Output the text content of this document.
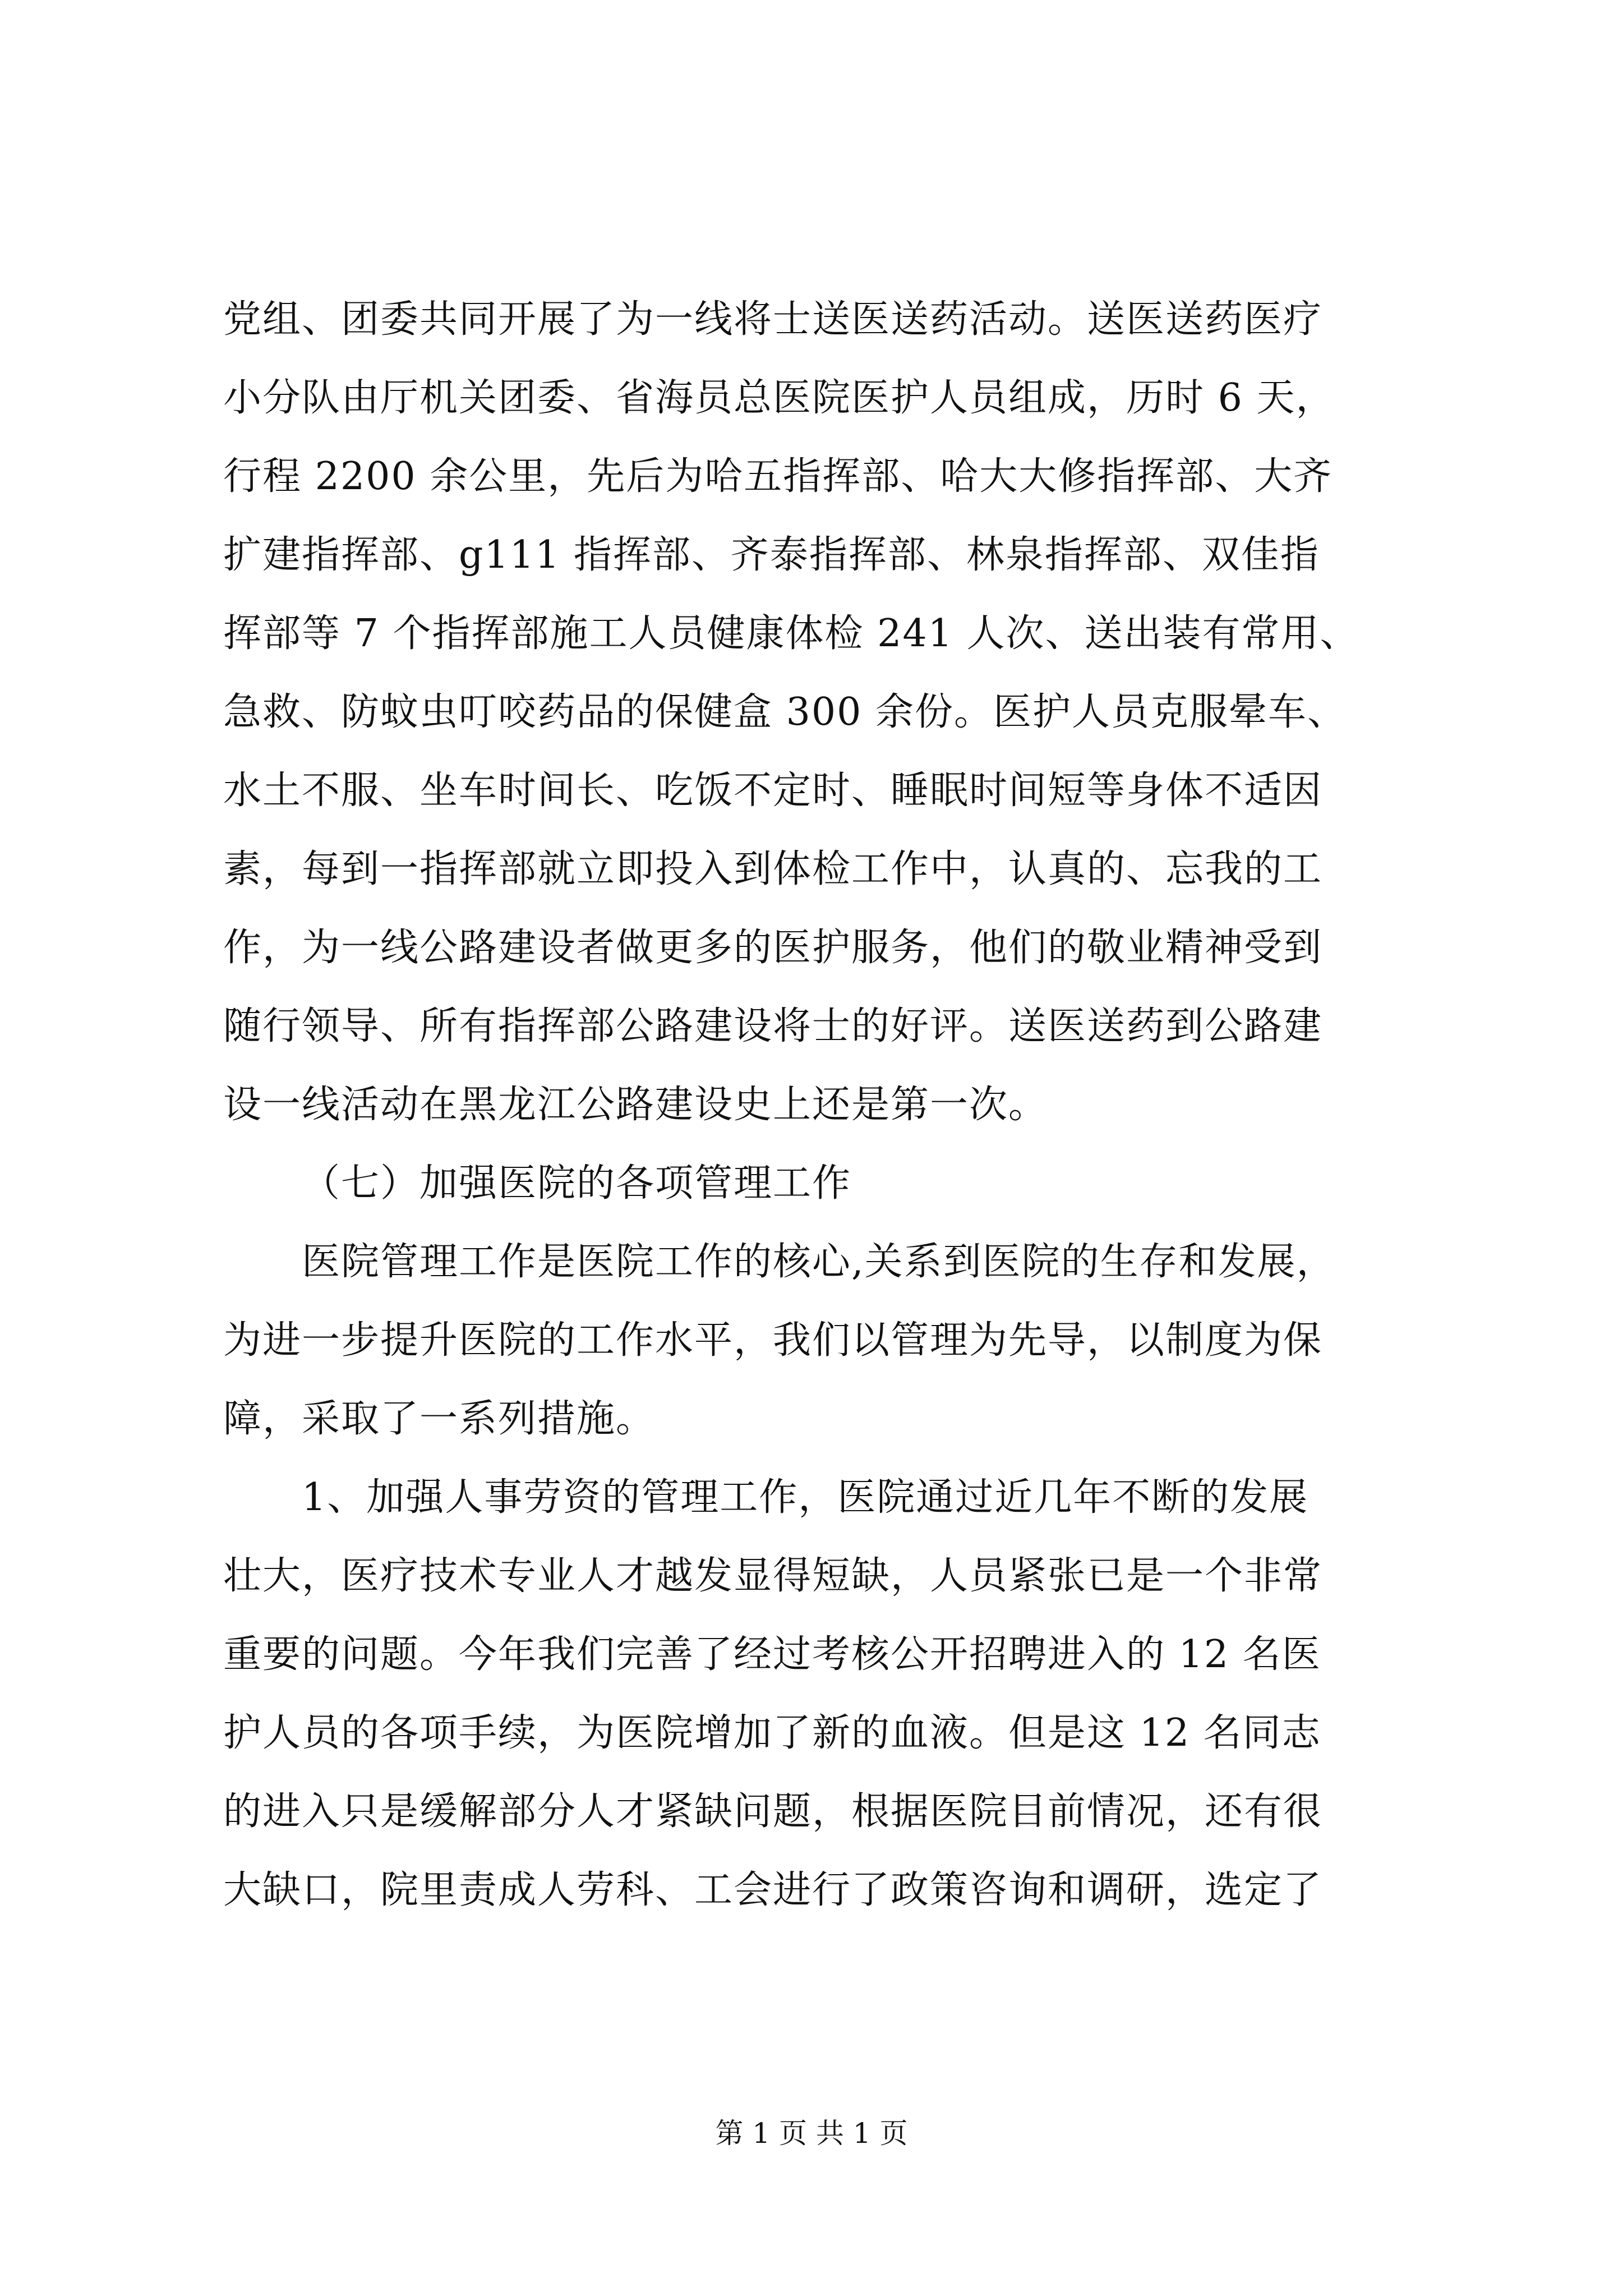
党组、团委共同开展了为一线将士送医送药活动。送医送药医疗
小分队由厅机关团委、省海员总医院医护人员组成，历时 6 天，
行程 2200 余公里，先后为哈五指挥部、哈大大修指挥部、大齐
扩建指挥部、g111 指挥部、齐泰指挥部、林泉指挥部、双佳指
挥部等 7 个指挥部施工人员健康体检 241 人次、送出装有常用、
急救、防蚊虫叮咬药品的保健盒 300 余份。医护人员克服晕车、
水土不服、坐车时间长、吃饭不定时、睡眠时间短等身体不适因
素，每到一指挥部就立即投入到体检工作中，认真的、忘我的工
作，为一线公路建设者做更多的医护服务，他们的敬业精神受到
随行领导、所有指挥部公路建设将士的好评。送医送药到公路建
设一线活动在黑龙江公路建设史上还是第一次。
（七）加强医院的各项管理工作
医院管理工作是医院工作的核心,关系到医院的生存和发展，
为进一步提升医院的工作水平，我们以管理为先导，以制度为保
障，采取了一系列措施。
1、加强人事劳资的管理工作，医院通过近几年不断的发展
壮大，医疗技术专业人才越发显得短缺，人员紧张已是一个非常
重要的问题。今年我们完善了经过考核公开招聘进入的 12 名医
护人员的各项手续，为医院增加了新的血液。但是这 12 名同志
的进入只是缓解部分人才紧缺问题，根据医院目前情况，还有很
大缺口，院里责成人劳科、工会进行了政策咨询和调研，选定了
第 1 页 共 1 页
